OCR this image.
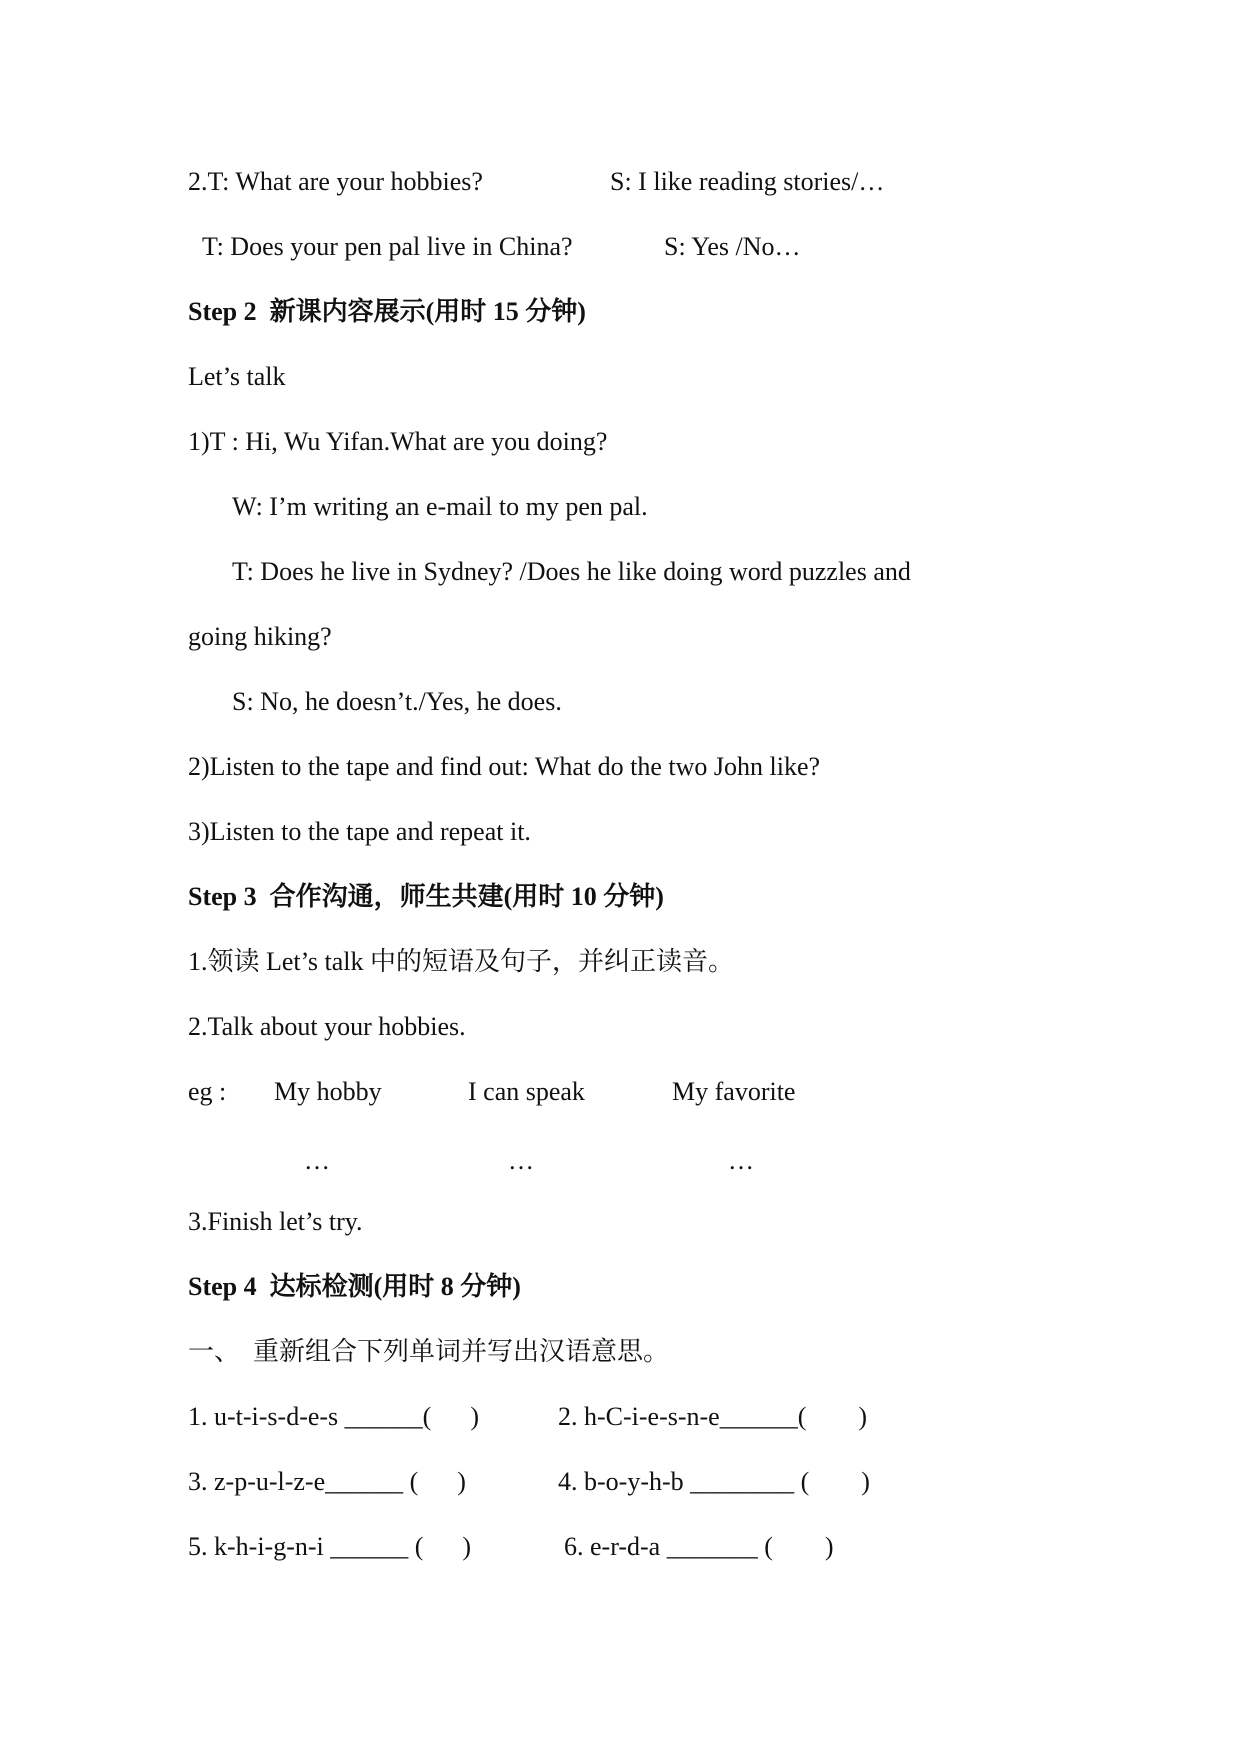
2.T: What are your hobbies?	S: I like reading stories/…
T: Does your pen pal live in China?	S: Yes /No…
Step 2  新课内容展示(用时 15 分钟)
Let’s talk
1)T : Hi, Wu Yifan.What are you doing?
W: I’m writing an e-mail to my pen pal.
T: Does he live in Sydney? /Does he like doing word puzzles and
going hiking?
S: No, he doesn’t./Yes, he does.
2)Listen to the tape and find out: What do the two John like?
3)Listen to the tape and repeat it.
Step 3  合作沟通，师生共建(用时 10 分钟)
1.领读 Let’s talk 中的短语及句子，并纠正读音。
2.Talk about your hobbies.
eg : My hobby	I can speak	My favorite
…	…	…
3.Finish let’s try.
Step 4  达标检测(用时 8 分钟)
一、  重新组合下列单词并写出汉语意思。
1. u-t-i-s-d-e-s ______(      )	2. h-C-i-e-s-n-e______(        )
3. z-p-u-l-z-e______ (      )	4. b-o-y-h-b ________ (        )
5. k-h-i-g-n-i ______ (      )	6. e-r-d-a _______ (        )
